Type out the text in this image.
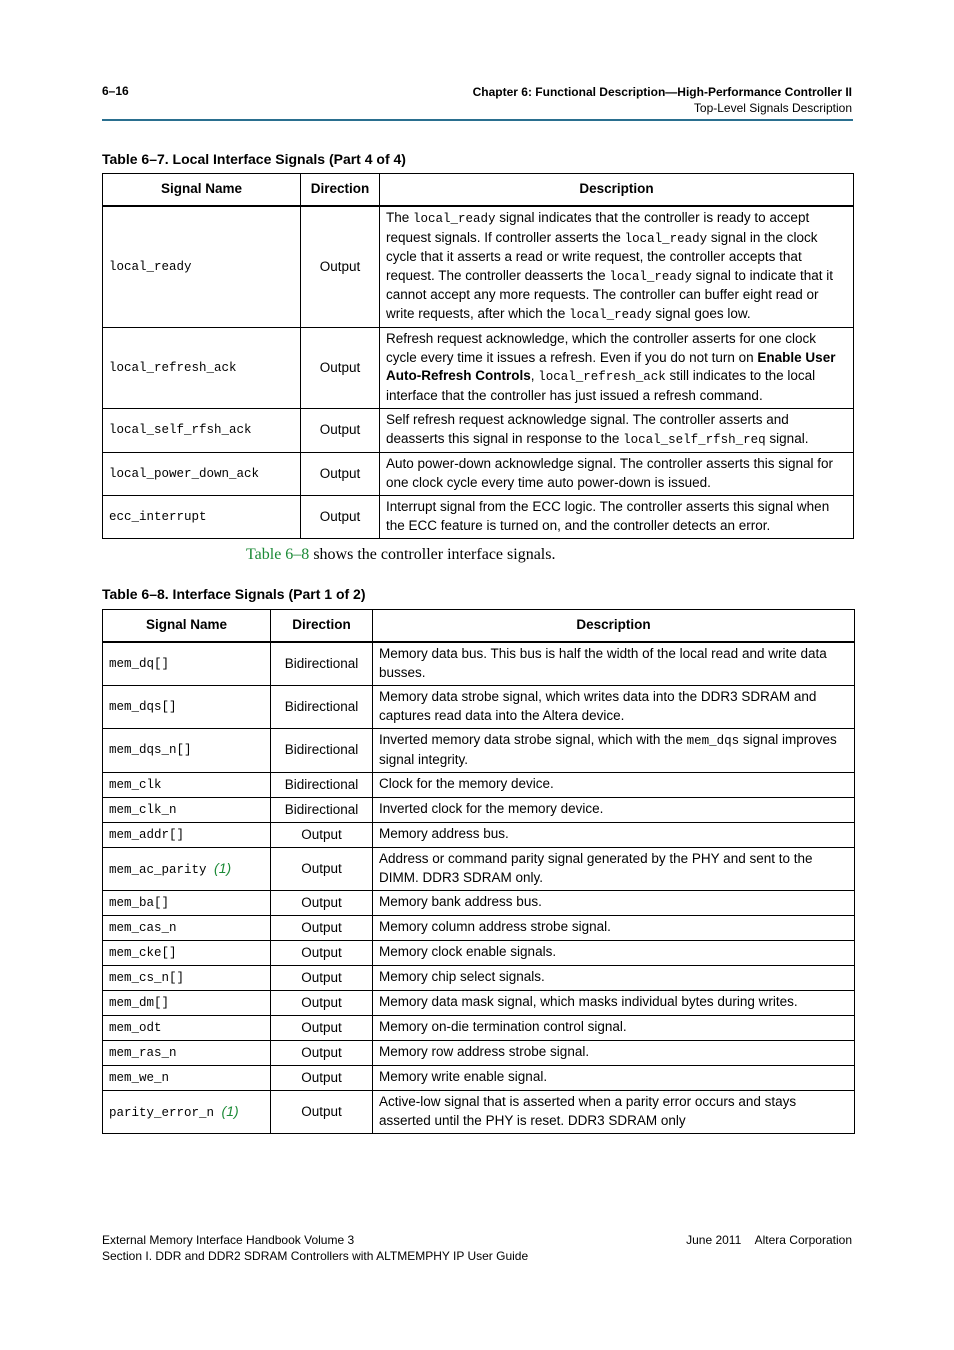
6–16	Chapter 6: Functional Description—High-Performance Controller II
Top-Level Signals Description
Table 6–7. Local Interface Signals (Part 4 of 4)
Signal Name	Direction	Description
local_ready	Output	The local_ready signal indicates that the controller is ready to accept request signals. If controller asserts the local_ready signal in the clock cycle that it asserts a read or write request, the controller accepts that request. The controller deasserts the local_ready signal to indicate that it cannot accept any more requests. The controller can buffer eight read or write requests, after which the local_ready signal goes low.
local_refresh_ack	Output	Refresh request acknowledge, which the controller asserts for one clock cycle every time it issues a refresh. Even if you do not turn on Enable User Auto-Refresh Controls, local_refresh_ack still indicates to the local interface that the controller has just issued a refresh command.
local_self_rfsh_ack	Output	Self refresh request acknowledge signal. The controller asserts and deasserts this signal in response to the local_self_rfsh_req signal.
local_power_down_ack	Output	Auto power-down acknowledge signal. The controller asserts this signal for one clock cycle every time auto power-down is issued.
ecc_interrupt	Output	Interrupt signal from the ECC logic. The controller asserts this signal when the ECC feature is turned on, and the controller detects an error.
Table 6–8 shows the controller interface signals.
Table 6–8. Interface Signals (Part 1 of 2)
Signal Name	Direction	Description
mem_dq[]	Bidirectional	Memory data bus. This bus is half the width of the local read and write data busses.
mem_dqs[]	Bidirectional	Memory data strobe signal, which writes data into the DDR3 SDRAM and captures read data into the Altera device.
mem_dqs_n[]	Bidirectional	Inverted memory data strobe signal, which with the mem_dqs signal improves signal integrity.
mem_clk	Bidirectional	Clock for the memory device.
mem_clk_n	Bidirectional	Inverted clock for the memory device.
mem_addr[]	Output	Memory address bus.
mem_ac_parity (1)	Output	Address or command parity signal generated by the PHY and sent to the DIMM. DDR3 SDRAM only.
mem_ba[]	Output	Memory bank address bus.
mem_cas_n	Output	Memory column address strobe signal.
mem_cke[]	Output	Memory clock enable signals.
mem_cs_n[]	Output	Memory chip select signals.
mem_dm[]	Output	Memory data mask signal, which masks individual bytes during writes.
mem_odt	Output	Memory on-die termination control signal.
mem_ras_n	Output	Memory row address strobe signal.
mem_we_n	Output	Memory write enable signal.
parity_error_n (1)	Output	Active-low signal that is asserted when a parity error occurs and stays asserted until the PHY is reset. DDR3 SDRAM only
External Memory Interface Handbook Volume 3
Section I. DDR and DDR2 SDRAM Controllers with ALTMEMPHY IP User Guide
June 2011 Altera Corporation
